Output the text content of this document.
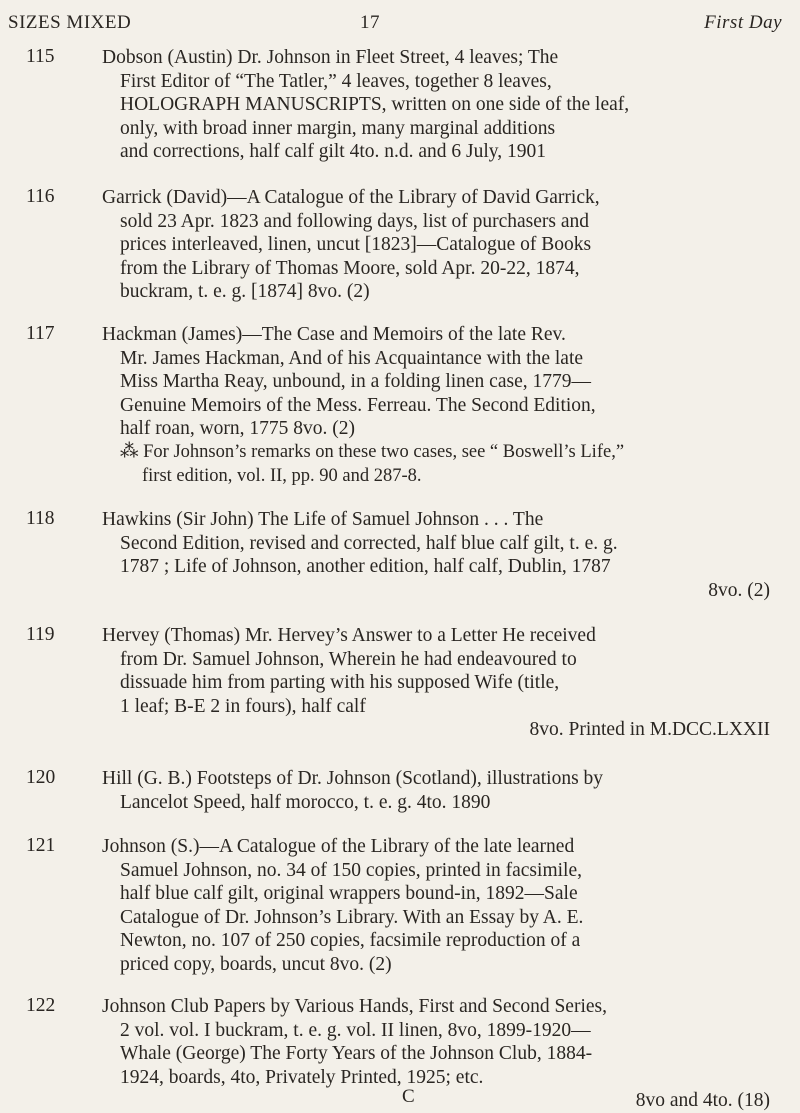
SIZES MIXED	17	First Day
115 Dobson (Austin) Dr. Johnson in Fleet Street, 4 leaves; The

First Editor of “The Tatler,” 4 leaves, together 8 leaves,

HOLOGRAPH MANUSCRIPTS, written on one side of the leaf,

only, with broad inner margin, many marginal additions

and corrections, half calf gilt 4to. n.d. and 6 July, 1901

116 Garrick (David)—A Catalogue of the Library of David Garrick,

sold 23 Apr. 1823 and following days, list of purchasers and

prices interleaved, linen, uncut [1823]—Catalogue of Books

from the Library of Thomas Moore, sold Apr. 20-22, 1874,

buckram, t. e. g. [1874] 8vo. (2)

117 Hackman (James)—The Case and Memoirs of the late Rev.

Mr. James Hackman, And of his Acquaintance with the late

Miss Martha Reay, unbound, in a folding linen case, 1779—

Genuine Memoirs of the Mess. Ferreau. The Second Edition,

half roan, worn, 1775 8vo. (2)

⁂ For Johnson’s remarks on these two cases, see “ Boswell’s Life,”

first edition, vol. II, pp. 90 and 287-8.

118 Hawkins (Sir John) The Life of Samuel Johnson . . . The

Second Edition, revised and corrected, half blue calf gilt, t. e. g.

1787 ; Life of Johnson, another edition, half calf, Dublin, 1787

8vo. (2)

119 Hervey (Thomas) Mr. Hervey’s Answer to a Letter He received

from Dr. Samuel Johnson, Wherein he had endeavoured to

dissuade him from parting with his supposed Wife (title,

1 leaf; B-E 2 in fours), half calf

8vo. Printed in M.DCC.LXXII

120 Hill (G. B.) Footsteps of Dr. Johnson (Scotland), illustrations by

Lancelot Speed, half morocco, t. e. g. 4to. 1890

121 Johnson (S.)—A Catalogue of the Library of the late learned

Samuel Johnson, no. 34 of 150 copies, printed in facsimile,

half blue calf gilt, original wrappers bound-in, 1892—Sale

Catalogue of Dr. Johnson’s Library. With an Essay by A. E.

Newton, no. 107 of 250 copies, facsimile reproduction of a

priced copy, boards, uncut 8vo. (2)

122 Johnson Club Papers by Various Hands, First and Second Series,

2 vol. vol. I buckram, t. e. g. vol. II linen, 8vo, 1899-1920—

Whale (George) The Forty Years of the Johnson Club, 1884-

1924, boards, 4to, Privately Printed, 1925; etc.

8vo and 4to. (18)

C
